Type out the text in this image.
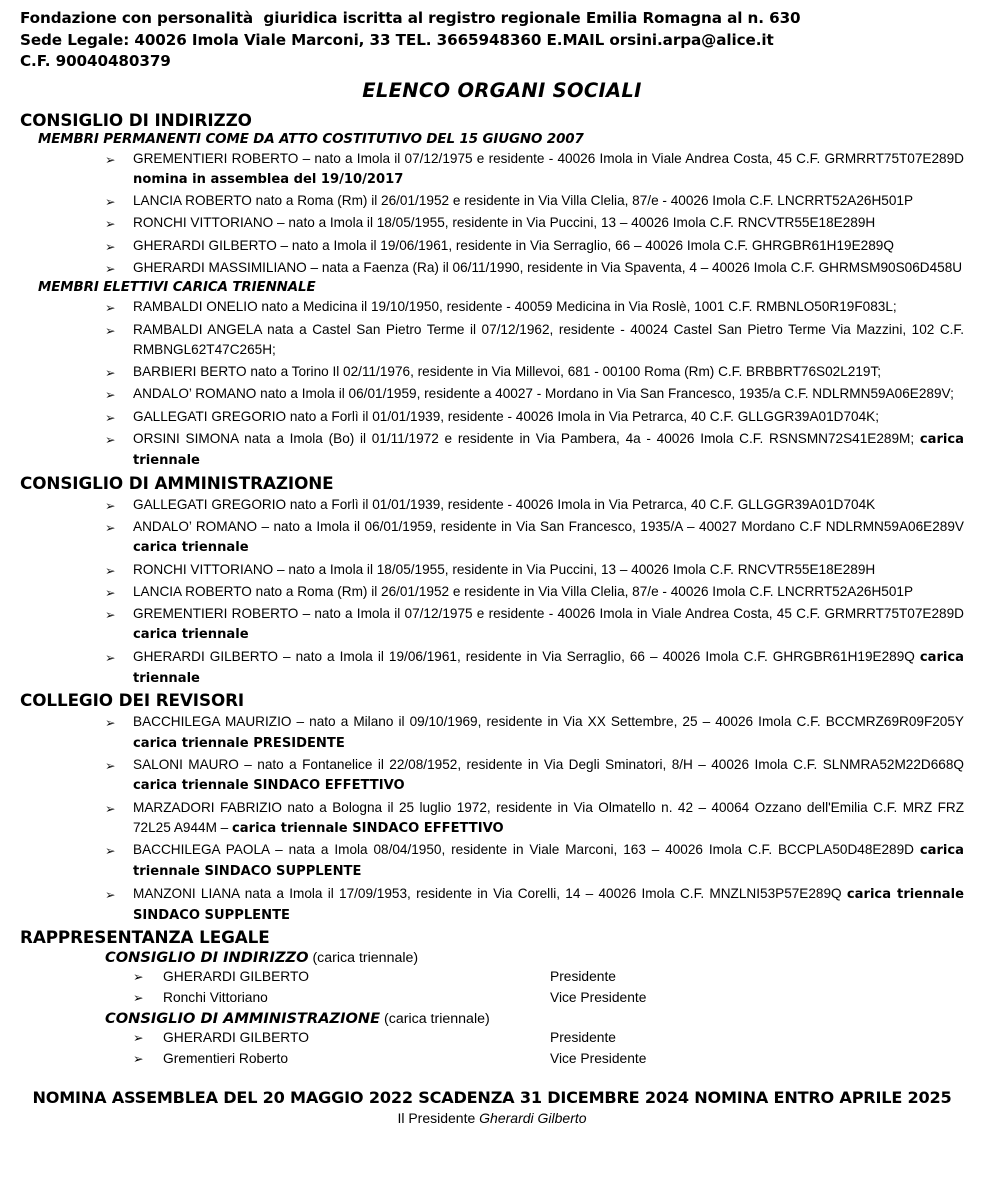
Fondazione con personalità  giuridica iscritta al registro regionale Emilia Romagna al n. 630
Sede Legale: 40026 Imola Viale Marconi, 33 TEL. 3665948360 E.MAIL orsini.arpa@alice.it
C.F. 90040480379
ELENCO ORGANI SOCIALI
CONSIGLIO DI INDIRIZZO
MEMBRI PERMANENTI COME DA ATTO COSTITUTIVO DEL 15 GIUGNO 2007
➢ GREMENTIERI ROBERTO – nato a Imola il 07/12/1975 e residente - 40026 Imola in Viale Andrea Costa, 45 C.F. GRMRRT75T07E289D nomina in assemblea del 19/10/2017
➢ LANCIA ROBERTO nato a Roma (Rm) il 26/01/1952 e residente in Via Villa Clelia, 87/e - 40026 Imola C.F. LNCRRT52A26H501P
➢ RONCHI VITTORIANO – nato a Imola il 18/05/1955, residente in Via Puccini, 13 – 40026 Imola C.F. RNCVTR55E18E289H
➢ GHERARDI GILBERTO – nato a Imola il 19/06/1961, residente in Via Serraglio, 66 – 40026 Imola C.F. GHRGBR61H19E289Q
➢ GHERARDI MASSIMILIANO – nata a Faenza (Ra) il 06/11/1990, residente in Via Spaventa, 4 – 40026 Imola C.F. GHRMSM90S06D458U
MEMBRI ELETTIVI CARICA TRIENNALE
➢ RAMBALDI ONELIO nato a Medicina il 19/10/1950, residente - 40059 Medicina in Via Roslè, 1001 C.F. RMBNLO50R19F083L;
➢ RAMBALDI ANGELA nata a Castel San Pietro Terme il 07/12/1962, residente - 40024 Castel San Pietro Terme Via Mazzini, 102 C.F. RMBNGL62T47C265H;
➢ BARBIERI BERTO nato a Torino Il 02/11/1976, residente in Via Millevoi, 681 - 00100 Roma (Rm) C.F. BRBBRT76S02L219T;
➢ ANDALO’ ROMANO nato a Imola il 06/01/1959, residente a 40027 - Mordano in Via San Francesco, 1935/a C.F. NDLRMN59A06E289V;
➢ GALLEGATI GREGORIO nato a Forlì il 01/01/1939, residente - 40026 Imola in Via Petrarca, 40 C.F. GLLGGR39A01D704K;
➢ ORSINI SIMONA nata a Imola (Bo) il 01/11/1972 e residente in Via Pambera, 4a - 40026 Imola C.F. RSNSMN72S41E289M; carica triennale
CONSIGLIO DI AMMINISTRAZIONE
➢ GALLEGATI GREGORIO nato a Forlì il 01/01/1939, residente - 40026 Imola in Via Petrarca, 40 C.F. GLLGGR39A01D704K
➢ ANDALO’ ROMANO – nato a Imola il 06/01/1959, residente in Via San Francesco, 1935/A – 40027 Mordano C.F NDLRMN59A06E289V carica triennale
➢ RONCHI VITTORIANO – nato a Imola il 18/05/1955, residente in Via Puccini, 13 – 40026 Imola C.F. RNCVTR55E18E289H
➢ LANCIA ROBERTO nato a Roma (Rm) il 26/01/1952 e residente in Via Villa Clelia, 87/e - 40026 Imola C.F. LNCRRT52A26H501P
➢ GREMENTIERI ROBERTO – nato a Imola il 07/12/1975 e residente - 40026 Imola in Viale Andrea Costa, 45 C.F. GRMRRT75T07E289D carica triennale
➢ GHERARDI GILBERTO – nato a Imola il 19/06/1961, residente in Via Serraglio, 66 – 40026 Imola C.F. GHRGBR61H19E289Q carica triennale
COLLEGIO DEI REVISORI
➢ BACCHILEGA MAURIZIO – nato a Milano il 09/10/1969, residente in Via XX Settembre, 25 – 40026 Imola C.F. BCCMRZ69R09F205Y carica triennale PRESIDENTE
➢ SALONI MAURO – nato a Fontanelice il 22/08/1952, residente in Via Degli Sminatori, 8/H – 40026 Imola C.F. SLNMRA52M22D668Q carica triennale SINDACO EFFETTIVO
➢ MARZADORI FABRIZIO nato a Bologna il 25 luglio 1972, residente in Via Olmatello n. 42 – 40064 Ozzano dell'Emilia C.F. MRZ FRZ 72L25 A944M – carica triennale SINDACO EFFETTIVO
➢ BACCHILEGA PAOLA – nata a Imola 08/04/1950, residente in Viale Marconi, 163 – 40026 Imola C.F. BCCPLA50D48E289D carica triennale SINDACO SUPPLENTE
➢ MANZONI LIANA nata a Imola il 17/09/1953, residente in Via Corelli, 14 – 40026 Imola C.F. MNZLNI53P57E289Q carica triennale SINDACO SUPPLENTE
RAPPRESENTANZA LEGALE
CONSIGLIO DI INDIRIZZO (carica triennale)
➢ GHERARDI GILBERTO	Presidente
➢ Ronchi Vittoriano	Vice Presidente
CONSIGLIO DI AMMINISTRAZIONE (carica triennale)
➢ GHERARDI GILBERTO	Presidente
➢ Grementieri Roberto	Vice Presidente
NOMINA ASSEMBLEA DEL 20 MAGGIO 2022 SCADENZA 31 DICEMBRE 2024 NOMINA ENTRO APRILE 2025
Il Presidente Gherardi Gilberto
